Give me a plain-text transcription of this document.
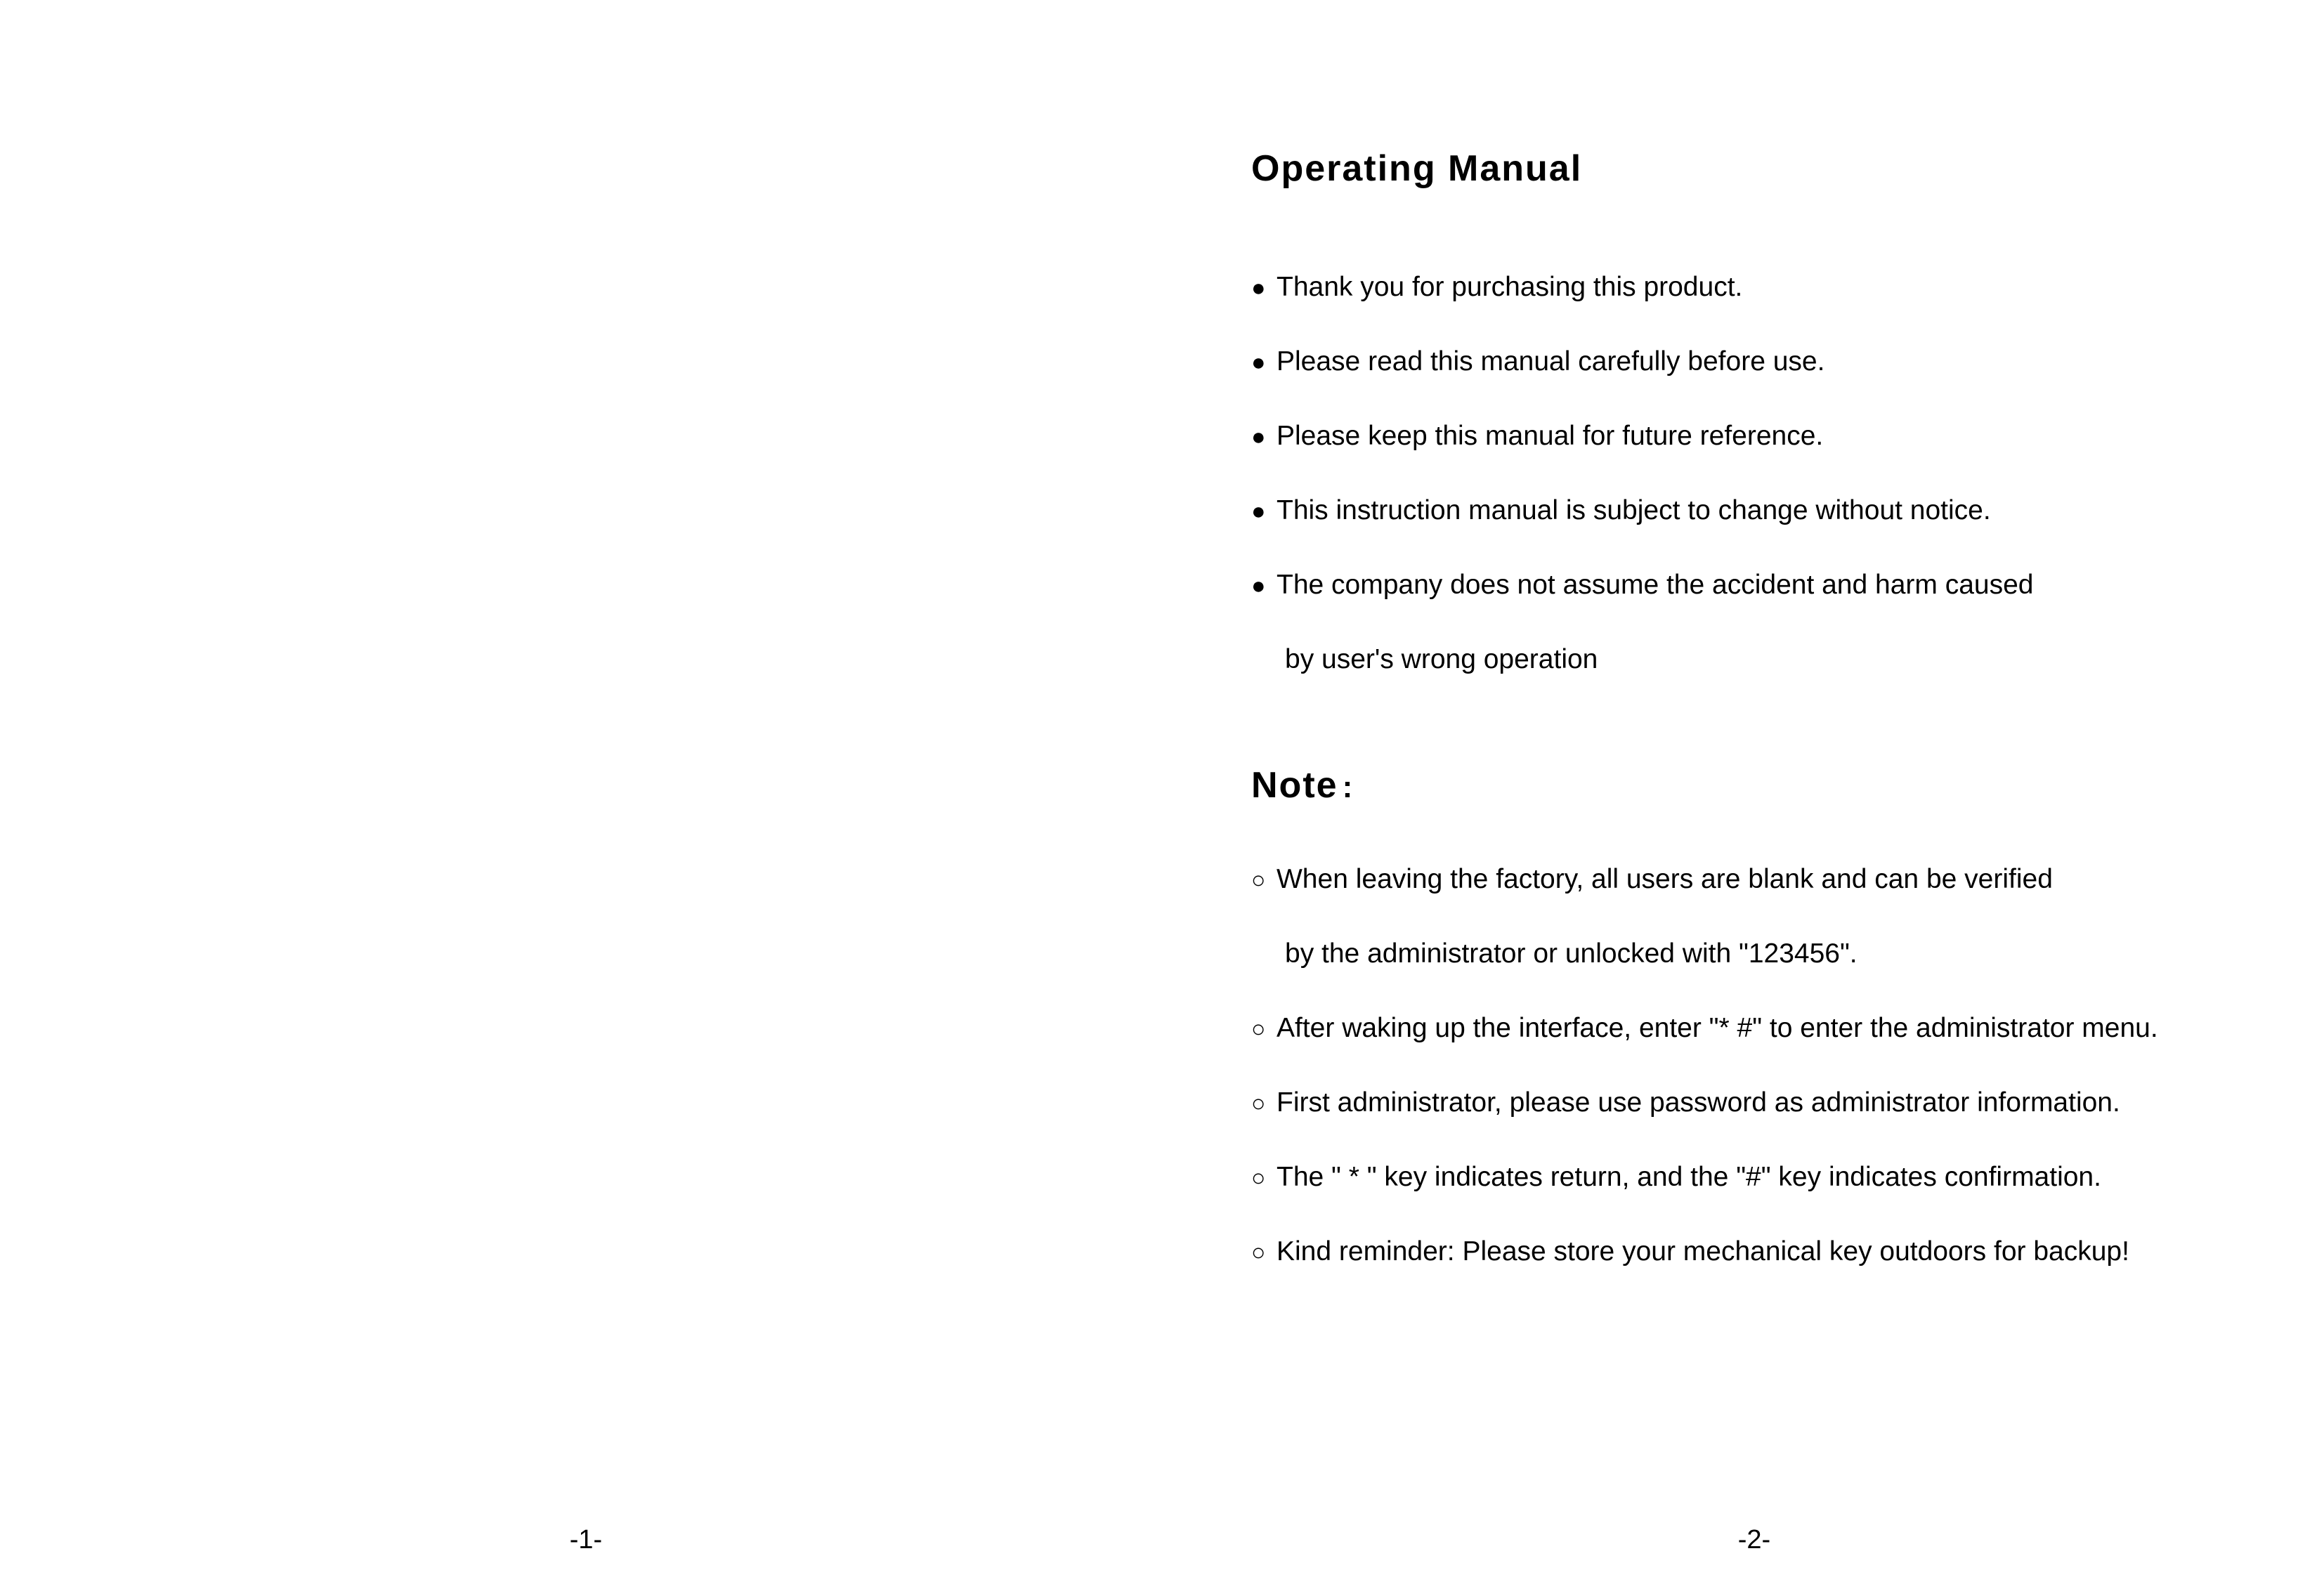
-1-
Operating Manual
● Thank you for purchasing this product.
● Please read this manual carefully before use.
● Please keep this manual for future reference.
● This instruction manual is subject to change without notice.
● The company does not assume the accident and harm caused
by user's wrong operation
Note :
○ When leaving the factory, all users are blank and can be verified
by the administrator or unlocked with "123456".
○ After waking up the interface, enter "* #" to enter the administrator menu.
○ First administrator, please use password as administrator information.
○ The " * " key indicates return, and the "#" key indicates confirmation.
○ Kind reminder: Please store your mechanical key outdoors for backup!
-2-
